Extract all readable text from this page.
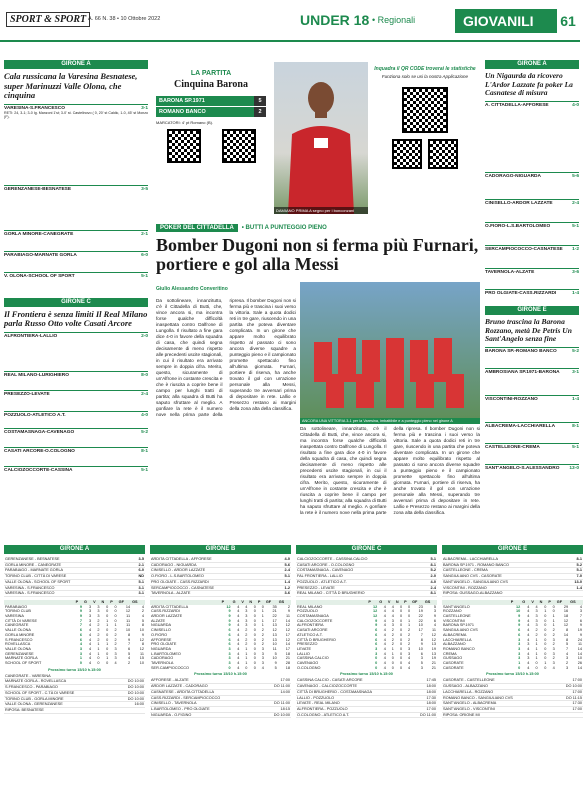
SPORT & SPORT A. 66 N. 38 • 10 Ottobre 2022	UNDER 18 • Regionali	GIOVANILI	61
GIRONE A
Cala russicana la Varesina Besnatese, super Marinuzzi Valle Olona, che cinquina
VARESINA-S.FRANCESCO	3-1
RETI: 24, 3-1; 3-0 Ig. Manzoni 1'st; 3-0' st. Castelinovo ( 0, 20' st Caldic, 1-0, 45' st Monzo (F).
GERENZANESE-BESNATESE	3-5
GORLA MINORE-CANEGRATE	2-1
PARABIAGO-MARNATE GORLA	6-0
V. OLONA-SCHOOL OF SPORT	5-1
GIRONE C
Il Frontiera è senza limiti Il Real Milano parla Russo Otto volte Casati Arcore
ALFRONTIERA-LALLIO	2-0
REAL MILANO-LURIGHIERO	8-0
PRESEZZO-LEVATE	2-4
POZZUOLO-ATLETICO A.T.	4-0
COSTAMASNAGA-CAVENAGO	5-2
CASATI ARCORE-O.COLOGNO	8-1
CALCIOZOCCORTE-CASSINA	5-1
LA PARTITA
Cinquina Barona
BARONA SP.1971	5
ROMANO BANCO	2
MARCATORI: 4' pt Romano (B).
DAMIANO PRIMA A segno per i bonconzani
Inquadra il QR CODE troverai le statistiche
Funziona solo se usi la nostra Applicazione
POKER DEL CITTADELLA • BUTTI A PUNTEGGIO PIENO
Bomber Dugoni non si ferma più Furnari, portiere e gol alla Messi
Giulio Alessandro Converitino
Da sottolineare, innanzitutto, c'è il Cittadella di Butti, che, vince ancora si, ma incontra forse qualche difficoltà inaspettata contro Dalfrone di Lungolla. Il risultato a fine gara dice 4-0 in favore della squadra di casa, che quindi segna decisamente di meno rispetto alle precedenti uscite stagionali, in cui il risultato era arrivato sempre in doppia cifra. Merito, questo, sicuramente di un'Alfrone in costante crescita e che è riuscita a coprire bene il campo per lunghi tratti di partita; alla squadra di Butti ha saputo sfruttare al meglio. A gonfiare la rete è il numero nove nella prima parte della ripresa. Il bomber Dugoni non si ferma più e trascina i suoi verso la vittoria. Sale a quota dodici reti in tre gare, riuscendo in una partita che poteva diventare complicata. In un girone che appare molto equilibrato rispetto al passato ci sono ancora diverse squadre a punteggio pieno e il campionato promette spettacolo fino all'ultima giornata. Furnari, portiere di riserva, ha anche trovato il gol con un'azione personale alla Messi, superando tre avversari prima di depositare in rete. Lallio e Presezzo restano ai margini della zona alta della classifica.
ANCORA UNA VITTORIA 3-1 per la Varesina, imbattibile e a punteggio pieno nel girone A
Da sottolineare, innanzitutto, c'è il Cittadella di Butti, che, vince ancora si, ma incontra forse qualche difficoltà inaspettata contro Dalfrone di Lungolla. Il risultato a fine gara dice 4-0 in favore della squadra di casa, che quindi segna decisamente di meno rispetto alle precedenti uscite stagionali, in cui il risultato era arrivato sempre in doppia cifra. Merito, questo, sicuramente di un'Alfrone in costante crescita e che è riuscita a coprire bene il campo per lunghi tratti di partita; alla squadra di Butti ha saputo sfruttare al meglio. A gonfiare la rete è il numero nove nella prima parte della ripresa. Il bomber Dugoni non si ferma più e trascina i suoi verso la vittoria. Sale a quota dodici reti in tre gare, riuscendo in una partita che poteva diventare complicata. In un girone che appare molto equilibrato rispetto al passato ci sono ancora diverse squadre a punteggio pieno e il campionato promette spettacolo fino all'ultima giornata. Furnari, portiere di riserva, ha anche trovato il gol con un'azione personale alla Messi, superando tre avversari prima di depositare in rete. Lallio e Presezzo restano ai margini della zona alta della classifica.
GIRONE A
Un Nigaurda da ricovero L'Ardor Lazzate fa poker La Casnatese di misura
A. CITTADELLA-AFFORESE	4-0
CADORAGO-NIGUARDA	5-6
CINISELLO-ARDOR LAZZATE	2-4
O.FIORO-L.S.BARTOLOMEO	5-1
SERCAMPIOCOCCO-CASNATESE 1-2
TAVERNOLA-ALZATE	3-6
PRO OLGIATE-CASS.RIZZARDI	1-4
GIRONE E
Bruno trascina la Barona Rozzano, metà De Petris Un Sant'Angelo senza fine
BARONA SP.-ROMANO BANCO	5-2
AMBROSIANA SP.1971-BARONA	3-1
VISCONTINI-ROZZANO	1-4
ALBACREMA-LACCHIARELLA	8-1
CASTELLEONE-CREMA	5-1
SANT'ANGELO-S.ALESSANDRO 13-0
GIRONE A
GERENZANESE - BESNATESE	3-5
GORLA MINORE - CANEGRATE	2-1
PARABIAGO - MARNATE GORLA	6-0
TORINO CLUB - CITTÀ DI VARESE	ND
VALLE OLONA - SCHOOL OF SPORT	5-1
VARESINA - S.FRANCESCO	3-1
VARESINA - S.FRANCESCO	3-1
	P	G	V	N	P	GF	GS
PARABIAGO	9	3	3	0	0	14	4
TORINO CLUB	9	3	3	0	0	12	2
VARESINA	9	3	3	0	0	11	4
CITTÀ DI VARESE	7	3	2	1	0	11	5
CANEGRATE	7	4	2	1	1	11	8
VALLE OLONA	6	4	2	0	2	10	10
GORLA MINORE	6	4	2	0	2	8	9
S.FRANCESCO	6	4	2	0	2	9	12
ROVELLASCA	4	4	1	1	2	7	8
VALLE OLONA	3	4	1	0	3	6	12
GERENZANESE	3	4	1	0	3	5	11
MARNATE GORLA	1	4	0	1	3	4	15
SCHOOL OF SPORT	0	4	0	0	4	2	10
Prossimo turno 15/10 h.15:00
CANEGRATE - VARESINA	
MARNATE GORLA - ROVELLASCA	DO 10:00
S.FRANCESCO - PARABIAGO	DO 10:00
SCHOOL OF SPORT - C.TÀ DI VARESE	DO 10:00
TORINO CLUB - GORLA MINORE	DO 10:00
VALLE OLONA - GERENZANESE	16:00
RIPOSA: BESNATESE	
GIRONE B
ARDITA CITTADELLA - AFFORESE	4-0
CADORAGO - NIGUARDA	5-6
CINISELLO - ARDOR LAZZATE	2-4
O.FIORO - L.S.BARTOLOMEO	5-1
PRO OLGIATE - CASS.RIZZARDI	1-4
SERCAMPIOCOCCO - CASNATESE	1-2
TAVERNOLA - ALZATE	3-6
	P	G	V	N	P	GF	GS
ARDITA CITTADELLA	12	4	4	0	0	35	2
CASS.RIZZARDI	9	4	3	0	1	21	9
ARDOR LAZZATE	9	4	3	0	1	22	11
ALZATE	9	4	3	0	1	17	14
NIGUARDA	9	4	3	0	1	13	12
CINISELLO	6	4	2	0	2	12	12
O.FIORO	6	4	2	0	2	13	17
AFFORESE	6	4	2	0	2	13	12
PRO OLGIATE	6	4	2	0	2	10	14
NIGUARDA	3	4	1	0	3	11	17
L.BARTOLOMEO	3	4	1	0	3	5	18
CADORAGO	3	4	1	0	3	10	21
TAVERNOLA	3	4	1	0	3	9	28
SER.CAMPIOCOCCO	0	4	0	0	4	5	18
Prossimo turno 15/10 h.15:00
AFFORESE - ALZATE	17:00
ARDOR LAZZATE - CADORAGO	DO 11:00
CASNATESE - ARDITA CITTADELLA	14:00
CASS.RIZZARDI - SERCAMPIOCOCCO	
CINISELLO - TAVERNOLA	DO 11:00
L.BARTOLOMEO - PRO OLGIATE	18:15
NIGUARDA - O.FIGINO	DO 10:00
GIRONE C
CALCIOZOCCORTE - CASSINA CALCIO	5-1
CASATI ARCORE - O.COLOGNO	8-1
COSTAMASNAGA - CAVENAGO	5-2
FAL FRONTIERA - LALLIO	2-0
POZZUOLO - ATLETICO A.T.	4-0
PRESEZZO - LEVATE	2-4
REAL MILANO - CITTÀ D BRUGHERIO	8-1
	P	G	V	N	P	GF	GS
REAL MILANO	12	4	4	0	0	23	5
POZZUOLO	12	4	4	0	0	19	3
COSTAMASNAGA	12	4	4	0	0	22	9
CALCIOZOCCORTE	9	4	3	0	1	22	6
ALFRONTIERA	9	4	3	0	1	10	4
CASATI ARCORE	6	4	2	0	2	17	11
ATLETICO A.T.	6	4	2	0	2	7	12
CITTÀ D BRUGHERIO	6	4	2	0	2	8	12
PRESEZZO	6	4	2	0	2	9	13
LEVATE	3	4	1	0	3	10	19
LALLIO	3	4	1	0	3	6	13
CASSINA CALCIO	0	4	0	0	4	3	19
CAVENAGO	0	4	0	0	4	5	21
O.COLOGNO	0	4	0	0	4	3	21
Prossimo turno 15/10 h.15:00
CASSINA CALCIO - CASATI ARCORE	17:45
CAVENAGO - CALCIOZOCCORTE	18:00
CITTÀ DI BRUGHERIO - COSTAMASNAGA	18:00
LALLIO - POZZUOLO	17:30
LEVATE - REAL MILANO	18:00
ALFRONTIERA - POZZUOLO	17:00
O.COLOGNO - ATLETICO A.T.	DO 11:00
GIRONE E
ALBACREMA - LACCHIARELLA	8-1
BARONA SP.1971 - ROMANO BANCO	5-2
CASTELLEONE - CREMA	5-1
SANGIULIANO CVS - CASORATE	7-0
SANT'ANGELO - SANGIULIANO CVS	13-0
VISCONTINI - ROZZANO	1-4
RIPOSA: GUSSAGO-ALBAZZANO	
	P	G	V	N	P	GF	GS
SANT'ANGELO	12	4	4	0	0	29	4
ROZZANO	10	4	3	1	0	16	3
CASTELLEONE	9	4	3	0	1	18	7
VISCONTINI	9	4	3	0	1	12	6
BARONA SP.1971	9	4	3	0	1	12	9
SANGIULIANO CVS	6	4	2	0	2	8	19
ALBACREMA	6	4	2	0	2	14	9
LACCHIARELLA	3	4	1	0	3	8	24
ALBAZZANO	3	3	1	0	2	5	11
ROMANO BANCO	3	4	1	0	3	7	14
CREMA	3	4	1	0	3	4	14
GUSSAGO	3	3	1	0	2	3	10
CASORATE	1	4	0	1	3	2	26
CASORATE	0	4	0	0	4	3	14
Prossimo turno 15/10 h.15:00
CASORATE - CASTELLEONE	17:00
GUSSAGO - ALBAZZANO	DO 10:00
LACCHIARELLA - ROZZANO	17:00
ROMANO BANCO - SANGIULIANO CVS	DO 11:15
SANT'ANGELO - ALBACREMA	17:30
SANT'ANGELO - VISCONTINI	17:00
RIPOSA: ORIONE MI	
